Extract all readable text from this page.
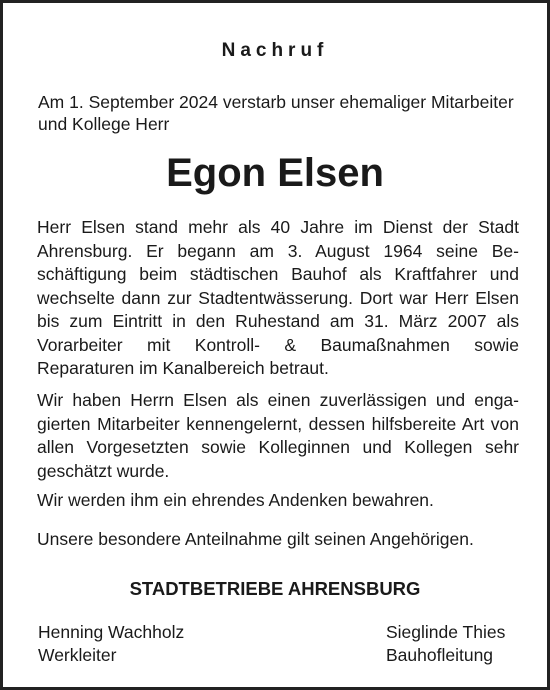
Nachruf

Am 1. September 2024 verstarb unser ehemaliger Mitarbeiter und Kollege Herr

Egon Elsen

Herr Elsen stand mehr als 40 Jahre im Dienst der Stadt Ahrensburg. Er begann am 3. August 1964 seine Beschäftigung beim städtischen Bauhof als Kraftfahrer und wechselte dann zur Stadtentwässerung. Dort war Herr Elsen bis zum Eintritt in den Ruhestand am 31. März 2007 als Vorarbeiter mit Kontroll- & Baumaßnahmen sowie Reparaturen im Kanalbereich betraut.

Wir haben Herrn Elsen als einen zuverlässigen und engagierten Mitarbeiter kennengelernt, dessen hilfsbereite Art von allen Vorgesetzten sowie Kolleginnen und Kollegen sehr geschätzt wurde.

Wir werden ihm ein ehrendes Andenken bewahren.

Unsere besondere Anteilnahme gilt seinen Angehörigen.

STADTBETRIEBE AHRENSBURG

Henning Wachholz
Werkleiter
Sieglinde Thies
Bauhofleitung
